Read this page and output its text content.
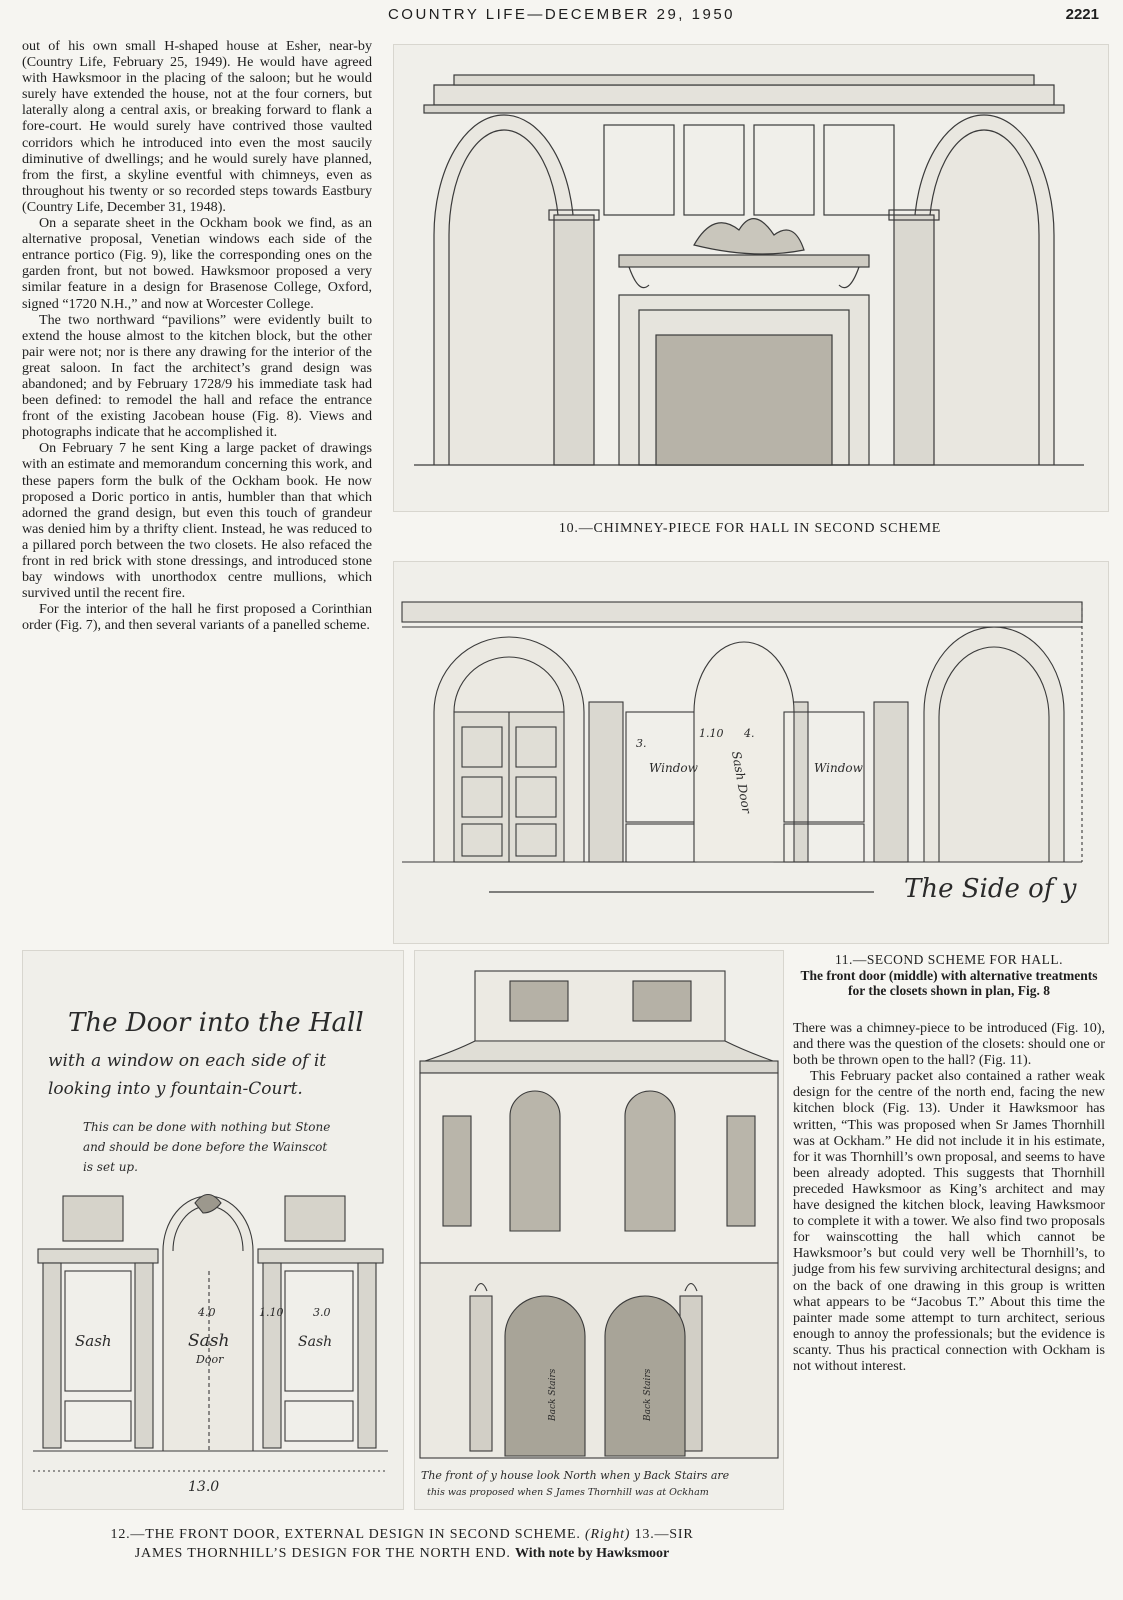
COUNTRY LIFE—DECEMBER 29, 1950	2221

out of his own small H-shaped house at Esher, near-by (Country Life, February 25, 1949). He would have agreed with Hawksmoor in the placing of the saloon; but he would surely have extended the house, not at the four corners, but laterally along a central axis, or breaking forward to flank a fore-court. He would surely have contrived those vaulted corridors which he introduced into even the most saucily diminutive of dwellings; and he would surely have planned, from the first, a skyline eventful with chimneys, even as throughout his twenty or so recorded steps towards Eastbury (Country Life, December 31, 1948).

On a separate sheet in the Ockham book we find, as an alternative proposal, Venetian windows each side of the entrance portico (Fig. 9), like the corresponding ones on the garden front, but not bowed. Hawksmoor proposed a very similar feature in a design for Brasenose College, Oxford, signed “1720 N.H.,” and now at Worcester College.

The two northward “pavilions” were evidently built to extend the house almost to the kitchen block, but the other pair were not; nor is there any drawing for the interior of the great saloon. In fact the architect’s grand design was abandoned; and by February 1728/9 his immediate task had been defined: to remodel the hall and reface the entrance front of the existing Jacobean house (Fig. 8). Views and photographs indicate that he accomplished it.

On February 7 he sent King a large packet of drawings with an estimate and memorandum concerning this work, and these papers form the bulk of the Ockham book. He now proposed a Doric portico in antis, humbler than that which adorned the grand design, but even this touch of grandeur was denied him by a thrifty client. Instead, he was reduced to a pillared porch between the two closets. He also refaced the front in red brick with stone dressings, and introduced stone bay windows with unorthodox centre mullions, which survived until the recent fire.

For the interior of the hall he first proposed a Corinthian order (Fig. 7), and then several variants of a panelled scheme.

10.—CHIMNEY-PIECE FOR HALL IN SECOND SCHEME
Window
3.
1.10 4.
Sash Door	Window
The Side of y
11.—SECOND SCHEME FOR HALL.
The front door (middle) with alternative treatments for the closets shown in plan, Fig. 8

There was a chimney-piece to be introduced (Fig. 10), and there was the question of the closets: should one or both be thrown open to the hall? (Fig. 11).

This February packet also contained a rather weak design for the centre of the north end, facing the new kitchen block (Fig. 13). Under it Hawksmoor has written, “This was proposed when Sr James Thornhill was at Ockham.” He did not include it in his estimate, for it was Thornhill’s own proposal, and seems to have been already adopted. This suggests that Thornhill preceded Hawksmoor as King’s architect and may have designed the kitchen block, leaving Hawksmoor to complete it with a tower. We also find two proposals for wainscotting the hall which cannot be Hawksmoor’s but could very well be Thornhill’s, to judge from his few surviving architectural designs; and on the back of one drawing in this group is written what appears to be “Jacobus T.” About this time the painter made some attempt to turn architect, serious enough to annoy the professionals; but the evidence is scanty. Thus his practical connection with Ockham is not without interest.

The Door into the Hall
with a window on each side of it
looking into y fountain-Court.
This can be done with nothing but Stone
and should be done before the Wainscot
is set up.
Sash	Sash
Door
Sash
4.0	1.10	3.0
13.0
Back Stairs	Back Stairs
The front of y house look North when y Back Stairs are
this was proposed when S James Thornhill was at Ockham
12.—THE FRONT DOOR, EXTERNAL DESIGN IN SECOND SCHEME. (Right) 13.—SIR
JAMES THORNHILL’S DESIGN FOR THE NORTH END. With note by Hawksmoor
